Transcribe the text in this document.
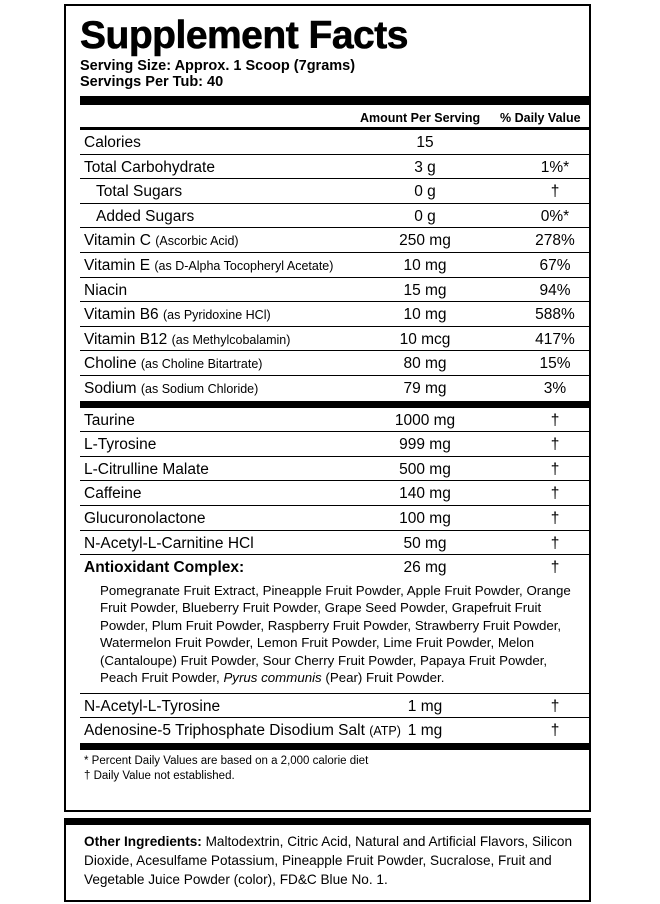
Supplement Facts
Serving Size: Approx. 1 Scoop (7grams)
Servings Per Tub: 40
Amount Per Serving % Daily Value
Calories	15
Total Carbohydrate	3 g	1%*
Total Sugars	0 g	†
Added Sugars	0 g	0%*
Vitamin C (Ascorbic Acid)	250 mg	278%
Vitamin E (as D-Alpha Tocopheryl Acetate)	10 mg	67%
Niacin	15 mg	94%
Vitamin B6 (as Pyridoxine HCl)	10 mg	588%
Vitamin B12 (as Methylcobalamin)	10 mcg	417%
Choline (as Choline Bitartrate)	80 mg	15%
Sodium (as Sodium Chloride)	79 mg	3%
Taurine	1000 mg	†
L-Tyrosine	999 mg	†
L-Citrulline Malate	500 mg	†
Caffeine	140 mg	†
Glucuronolactone	100 mg	†
N-Acetyl-L-Carnitine HCl	50 mg	†
Antioxidant Complex:	26 mg	†
Pomegranate Fruit Extract, Pineapple Fruit Powder, Apple Fruit Powder, Orange Fruit Powder, Blueberry Fruit Powder, Grape Seed Powder, Grapefruit Fruit Powder, Plum Fruit Powder, Raspberry Fruit Powder, Strawberry Fruit Powder, Watermelon Fruit Powder, Lemon Fruit Powder, Lime Fruit Powder, Melon (Cantaloupe) Fruit Powder, Sour Cherry Fruit Powder, Papaya Fruit Powder, Peach Fruit Powder, Pyrus communis (Pear) Fruit Powder.
N-Acetyl-L-Tyrosine	1 mg	†
Adenosine-5 Triphosphate Disodium Salt (ATP) 1 mg	†
* Percent Daily Values are based on a 2,000 calorie diet
† Daily Value not established.
Other Ingredients: Maltodextrin, Citric Acid, Natural and Artificial Flavors, Silicon Dioxide, Acesulfame Potassium, Pineapple Fruit Powder, Sucralose, Fruit and Vegetable Juice Powder (color), FD&C Blue No. 1.
